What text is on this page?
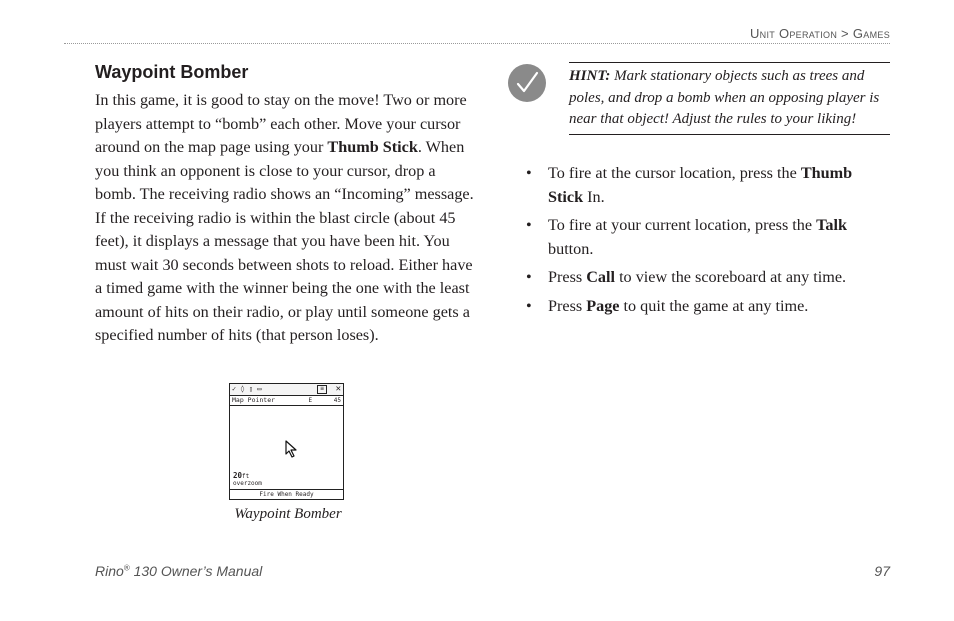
Unit Operation > Games
Waypoint Bomber

In this game, it is good to stay on the move! Two or more players attempt to “bomb” each other. Move your cursor around on the map page using your Thumb Stick. When you think an opponent is close to your cursor, drop a bomb. The receiving radio shows an “Incoming” message. If the receiving radio is within the blast circle (about 45 feet), it displays a message that you have been hit. You must wait 30 seconds between shots to reload. Either have a timed game with the winner being the one with the least amount of hits on their radio, or play until someone gets a specified number of hits (that person loses).

✓ ◊ ▯ ▭	≡	✕
Map Pointer	E	45
20ft
overzoom
Fire When Ready
Waypoint Bomber

HINT: Mark stationary objects such as trees and poles, and drop a bomb when an opposing player is near that object! Adjust the rules to your liking!

• To fire at the cursor location, press the Thumb Stick In.
• To fire at your current location, press the Talk button.
• Press Call to view the scoreboard at any time.
• Press Page to quit the game at any time.
Rino® 130 Owner’s Manual	97
